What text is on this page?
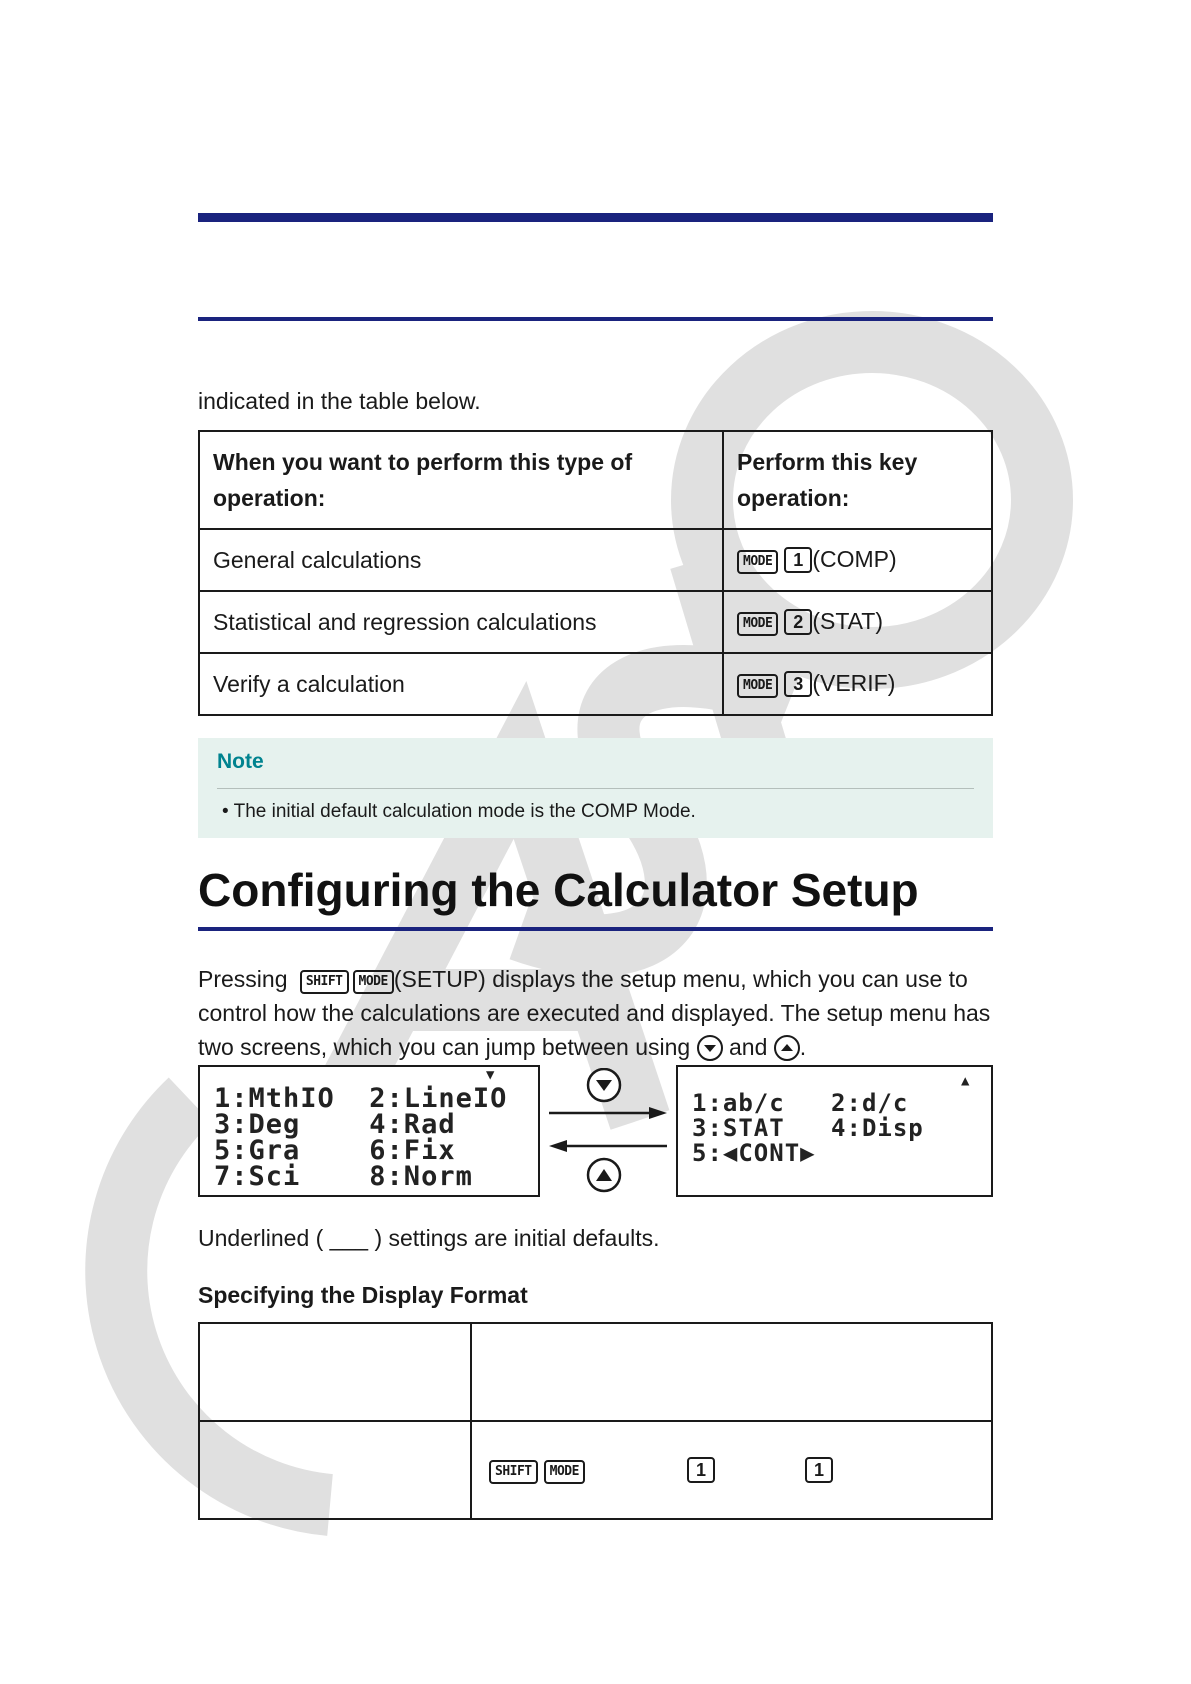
indicated in the table below.

When you want to perform this type of operation:	Perform this key operation:
General calculations	MODE 1 (COMP)
Statistical and regression calculations	MODE 2 (STAT)
Verify a calculation	MODE 3 (VERIF)
Note
• The initial default calculation mode is the COMP Mode.
Configuring the Calculator Setup

Pressing SHIFT MODE (SETUP) displays the setup menu, which you can use to control how the calculations are executed and displayed. The setup menu has two screens, which you can jump between using and .

▼
1:MthIO  2:LineIO
3:Deg    4:Rad
5:Gra    6:Fix
7:Sci    8:Norm
▲
1:ab/c   2:d/c
3:STAT   4:Disp
5:◀CONT▶

Underlined ( ___ ) settings are initial defaults.

Specifying the Display Format

	SHIFT MODE 1 1
